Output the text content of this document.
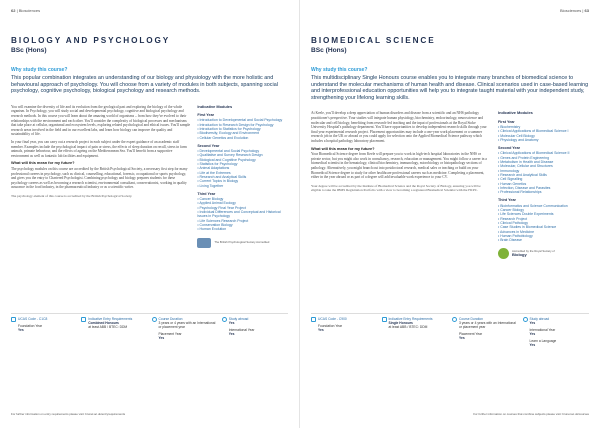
62 | Biosciences
BIOLOGY AND PSYCHOLOGY
BSc (Hons)
Why study this course?

This popular combination integrates an understanding of our biology and physiology with the more holistic and behavioural approach of psychology. You will choose from a variety of modules in both subjects, spanning social psychology, cognitive psychology, biological psychology and research methods.

You will examine the diversity of life and its evolution from the geological past and exploring the biology of the whole organism. In Psychology, you will study social and developmental psychology, cognitive and biological psychology and research methods. In this course you will learn about the amazing world of organisms – from how they've evolved to their relationships with the environment and each other. You'll consider the complexity of biological processes and mechanisms that take place at cellular, organismal and ecosystem levels, exploring related psychological and ethical issues. You'll sample research areas involved in the field and in our excellent labs, and learn how biology can improve the quality and sustainability of life.

In your final year, you can carry out a research project in each subject under the expert guidance of an academic staff member. Examples include the psychological impact of pain or stress, the effects of sleep duration on recall, stress in farm animals, primate behaviour, and the effects of ageing on the Mediterranean Sea. You'll benefit from a supportive environment as well as fantastic lab facilities and equipment.

What will this mean for my future?

The psychology modules on this course are accredited by the British Psychological Society, a necessary first step for many professional careers in psychology, such as clinical, counselling, educational, forensic, occupational or sports psychology, and gives you the entry to Chartered Psychologist. Combining psychology and biology prepares students for these psychology careers as well as becoming a research scientist, environmental consultant, conservationist, working in quality assurance in the food industry, in the pharmaceutical industry or as a scientific writer.

The psychology element of this course is accredited by the British Psychological Society.

Indicative Modules
First Year
• Introduction to Developmental and Social Psychology
• Introduction to Research Design for Psychology
• Introduction to Statistics for Psychology
• Biodiversity, Ecology and Environment
• Cellular Genetics and Evolution
Second Year
• Developmental and Social Psychology
• Qualitative and Survey Research Design
• Biological and Cognitive Psychology
• Statistics for Psychology
• Animal Adaptations
• Life at the Extremes
• Research and Analytical Skills
• Current Topics in Biology
• Living Together
Third Year
• Cancer Biology
• Applied Animal Ecology
• Psychology Final Year Project
• Individual Differences and Conceptual and Historical Issues in Psychology
• Life Sciences Research Project
• Conservation Biology
• Human Evolution
The British Psychological Society Accredited
UCAS Code - C1C8
Foundation Year
Yes
Indicative Entry Requirements
Combined Honours
at least ABB / BTEC: DDM
Course Duration
3 years or 4 years with an International or placement year
Placement Year
Yes
Study abroad
Yes
International Year
Yes
For further information on entry requirements please visit: brunel.ac.uk/entryrequirements
Biosciences | 63
BIOMEDICAL SCIENCE
BSc (Hons)
Why study this course?

This multidisciplinary Single Honours course enables you to integrate many branches of biomedical science to understand the molecular mechanisms of human health and disease. Clinical scenarios used in case-based learning and interprofessional education opportunities will help you to integrate taught material with your independent study, strengthening your lifelong learning skills.

At Keele, you'll develop a deep appreciation of human disorders and disease from a scientific and an NHS pathology practitioner's perspective. Your studies will integrate human physiology, biochemistry, endocrinology, neuroscience and molecular and cell biology, benefiting from research-led teaching and the input of professionals at the Royal Stoke University Hospital's pathology department. You'll have opportunities to develop independent research skills through your final year experimental research project. Placement opportunities may include a one-year work placement or a summer research job in the UK or abroad or you could apply for selection onto the Applied Biomedical Science pathway which includes a hospital pathology laboratory placement.

What will this mean for my future?

Your Biomedical Science degree from Keele will prepare you to work in high-tech hospital laboratories in the NHS or private sector, but you might also work in consultancy, research, education or management. You might follow a career in a biomedical scientist in the hematology, clinical biochemistry, immunology, microbiology or histopathology sections of pathology. Alternatively, you might branch out into postdoctoral research, medical sales or teaching or build on your Biomedical Science degree to study for other healthcare professional careers such as medicine. Completing a placement, either in the year abroad or as part of a degree will add invaluable work experience to your CV.

Your degree will be accredited by the Institute of Biomedical Science and the Royal Society of Biology, ensuring you will be eligible to take the IBMS Registration Portfolio with a view to becoming a registered Biomedical Scientist with the HCPC.

Indicative Modules
First Year
• Biochemistry
• Clinical Applications of Biomedical Science I
• Molecular Cell Biology
• Physiology and Anatomy
Second Year
• Clinical Applications of Biomedical Science II
• Genes and Protein Engineering
• Metabolism in Health and Disease
• Molecular, Cellular and Structures
• Immunology
• Research and Analytical Skills
• Cell Signalling
• Human Genetics
• Infection, Disease and Parasites
• Professional Relationships
Third Year
• Bioinformatics and Science Communication
• Cancer Biology
• Life Sciences Double Experiments
• Research Project
• Clinical Pathology
• Case Studies in Biomedical Science
• Advances in Medicine
• Human Pathobiology
• Brain Disease
Accredited by the Royal Society of
Biology
UCAS Code - C900
Foundation Year
Yes
Indicative Entry Requirements
Single Honours
at least ABB / BTEC: DDM
Course Duration
3 years or 4 years with an International or placement year
Placement Year
Yes
Study abroad
Yes
International Year
Yes
Learn a Language
Yes
For further information on courses that combine subjects please visit: brunel.ac.uk/courses
